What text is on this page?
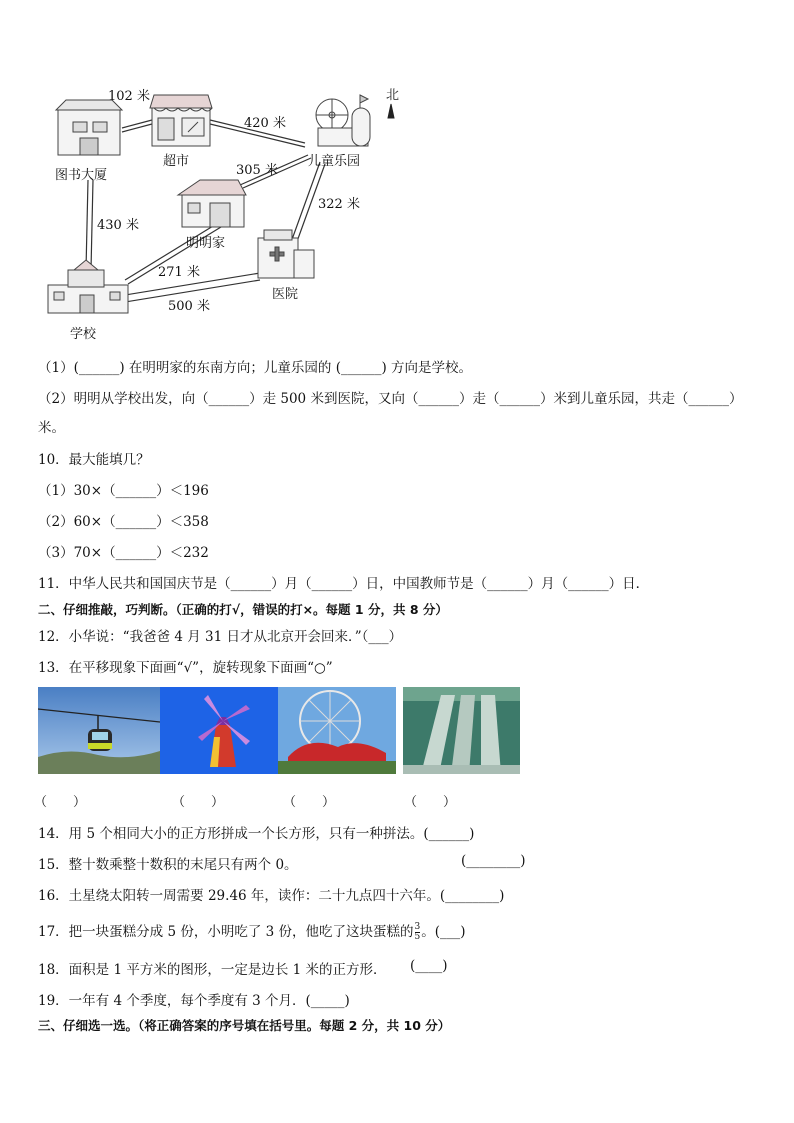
北
图书大厦
超市	儿童乐园
明明家
医院
学校
102 米
420 米
305 米
430 米
322 米
271 米
500 米
（1）(______) 在明明家的东南方向；儿童乐园的 (______) 方向是学校。
（2）明明从学校出发，向（______）走 500 米到医院，又向（______）走（______）米到儿童乐园，共走（______）
米。
10．最大能填几？
（1）30×（______）＜196
（2）60×（______）＜358
（3）70×（______）＜232
11．中华人民共和国国庆节是（______）月（______）日，中国教师节是（______）月（______）日．
二、仔细推敲，巧判断。（正确的打√，错误的打×。每题 1 分，共 8 分）
12．小华说：“我爸爸 4 月 31 日才从北京开会回来．”（___）
13．在平移现象下面画“√”，旋转现象下面画“○”
（　　）	（　　）	（　　）	（　　）
14．用 5 个相同大小的正方形拼成一个长方形，只有一种拼法。(______)
15．整十数乘整十数积的末尾只有两个 0。	(________)
16．土星绕太阳转一周需要 29.46 年，读作：二十九点四十六年。(________)
17．把一块蛋糕分成 5 份，小明吃了 3 份，他吃了这块蛋糕的 $\frac{3}{5}$ 。(___)
18．面积是 1 平方米的图形，一定是边长 1 米的正方形． (____)
19．一年有 4 个季度，每个季度有 3 个月．(_____)
三、仔细选一选。（将正确答案的序号填在括号里。每题 2 分，共 10 分）
